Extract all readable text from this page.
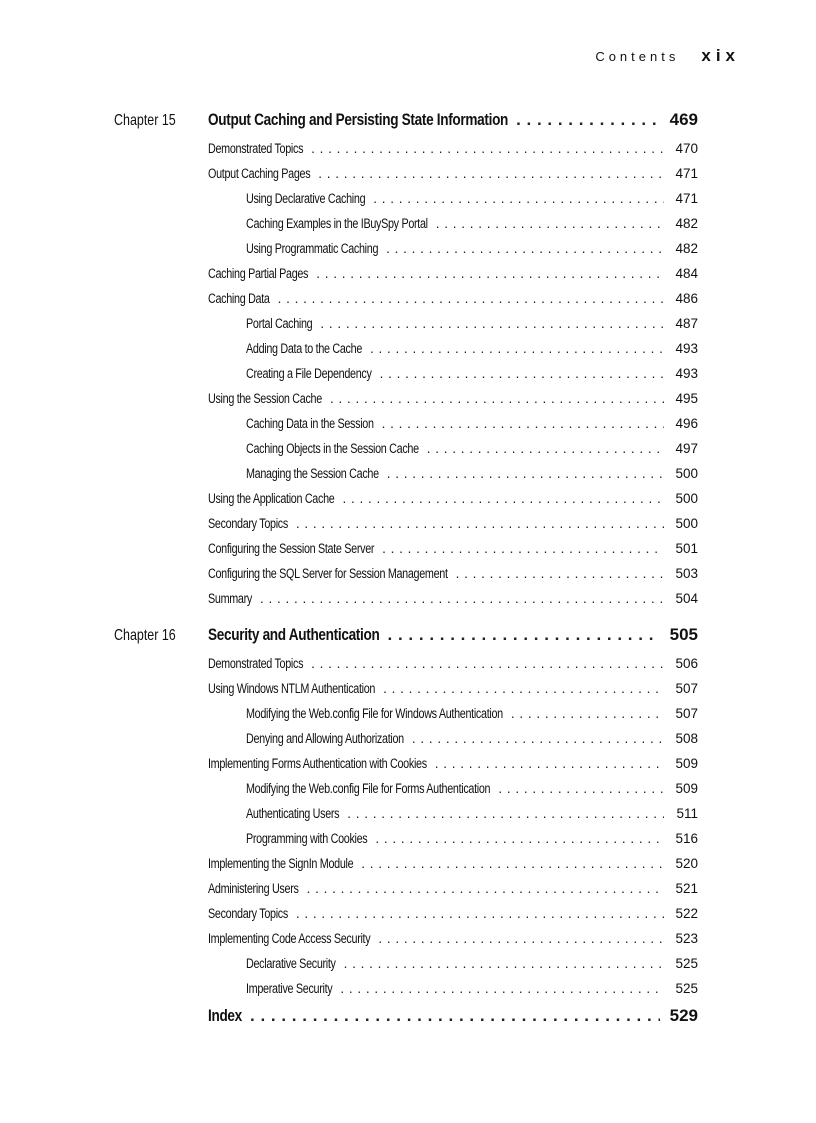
Contents xix
Chapter 15 Output Caching and Persisting State Information . . .	469
Demonstrated Topics . . .	470
Output Caching Pages . . .	471
Using Declarative Caching . . .	471
Caching Examples in the IBuySpy Portal . . .	482
Using Programmatic Caching . . .	482
Caching Partial Pages . . .	484
Caching Data . . .	486
Portal Caching . . .	487
Adding Data to the Cache . . .	493
Creating a File Dependency . . .	493
Using the Session Cache . . .	495
Caching Data in the Session . . .	496
Caching Objects in the Session Cache . . .	497
Managing the Session Cache . . .	500
Using the Application Cache . . .	500
Secondary Topics . . .	500
Configuring the Session State Server . . .	501
Configuring the SQL Server for Session Management . . .	503
Summary . . .	504
Chapter 16 Security and Authentication . . .	505
Demonstrated Topics . . .	506
Using Windows NTLM Authentication . . .	507
Modifying the Web.config File for Windows Authentication . . .	507
Denying and Allowing Authorization . . .	508
Implementing Forms Authentication with Cookies . . .	509
Modifying the Web.config File for Forms Authentication . . .	509
Authenticating Users . . .	511
Programming with Cookies . . .	516
Implementing the SignIn Module . . .	520
Administering Users . . .	521
Secondary Topics . . .	522
Implementing Code Access Security . . .	523
Declarative Security . . .	525
Imperative Security . . .	525
Index . . .	529
